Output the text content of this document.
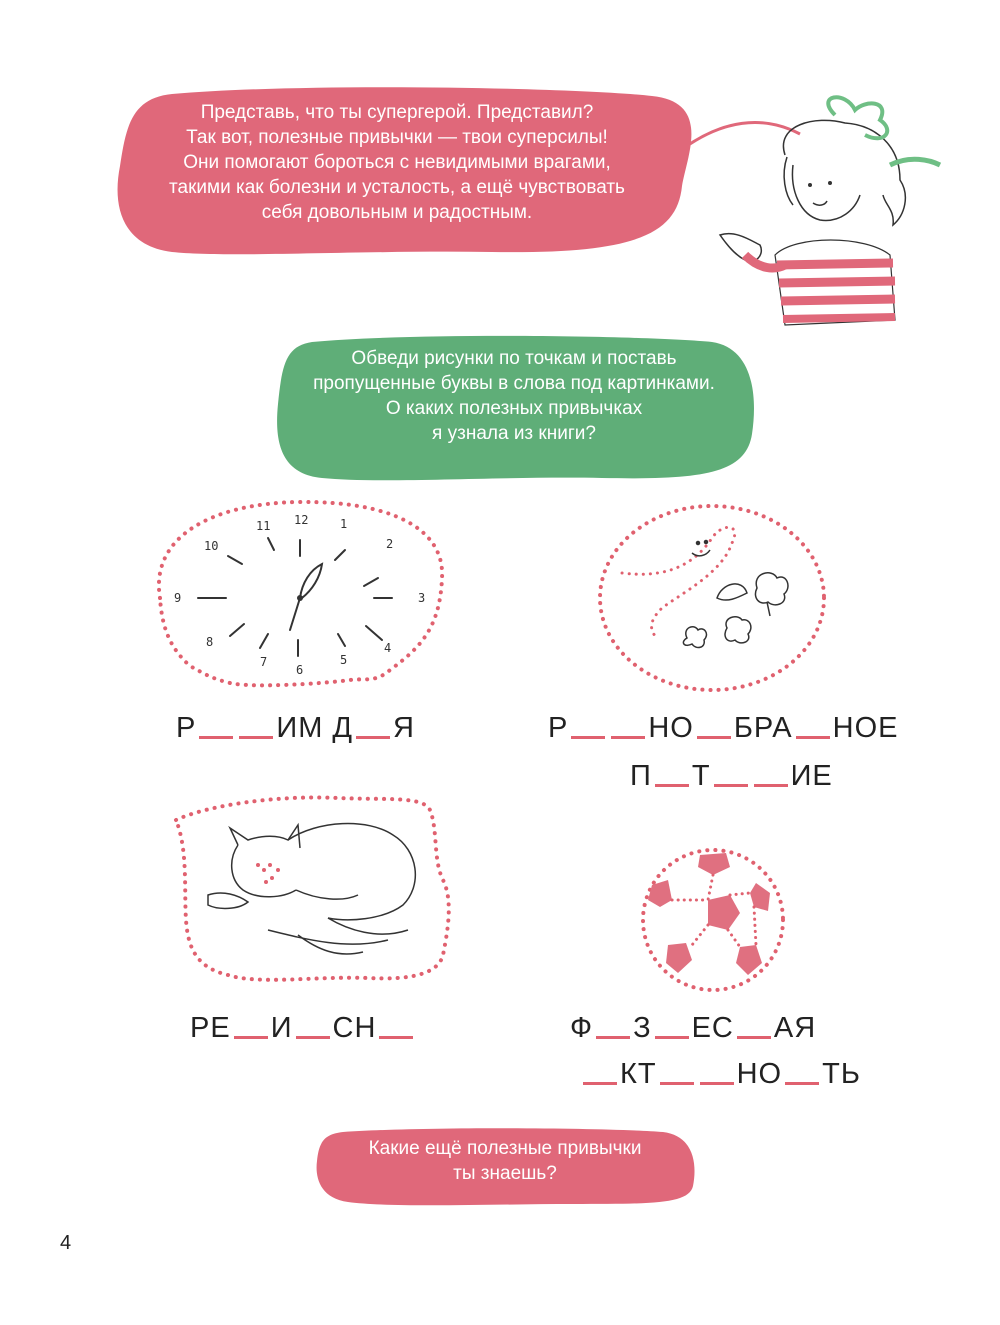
Представь, что ты супергерой. Представил?
Так вот, полезные привычки — твои суперсилы!
Они помогают бороться с невидимыми врагами,
такими как болезни и усталость, а ещё чувствовать
себя довольным и радостным.
Обведи рисунки по точкам и поставь
пропущенные буквы в слова под картинками.
О каких полезных привычках
я узнала из книги?
12	1
2
3
4
5
6
7
8
9
10
11
Р	ИМ Д Я	Р	НО БРА НОЕ
П Т	ИЕ
РЕ И СН	Ф З ЕС АЯ
КТ	НО ТЬ
Какие ещё полезные привычки
ты знаешь?
4
